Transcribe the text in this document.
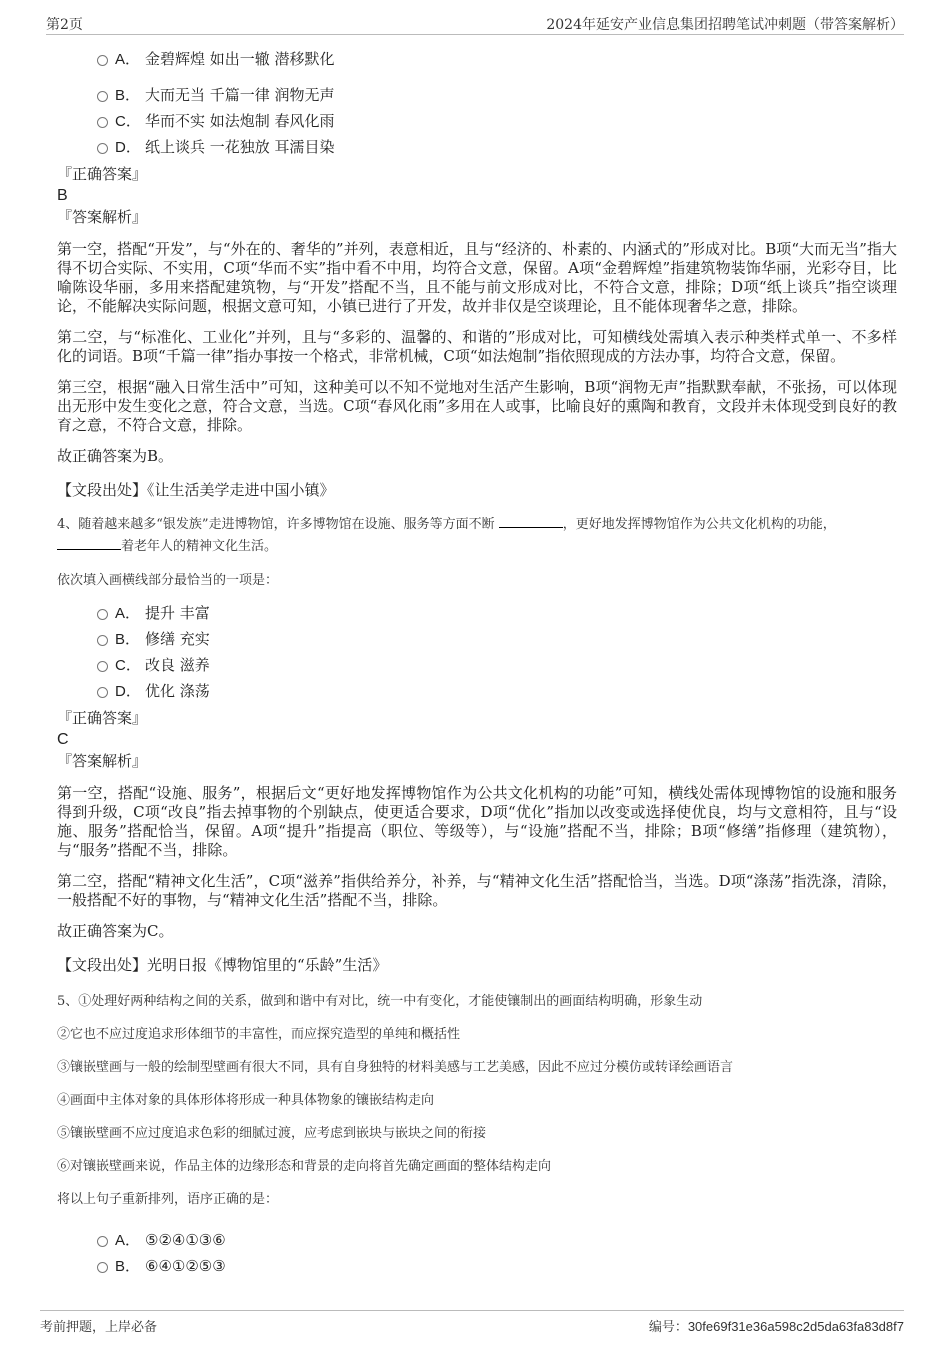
第2页	2024年延安产业信息集团招聘笔试冲刺题（带答案解析）
A． 金碧辉煌 如出一辙 潜移默化
B． 大而无当 千篇一律 润物无声
C． 华而不实 如法炮制 春风化雨
D． 纸上谈兵 一花独放 耳濡目染
『正确答案』
B
『答案解析』

第一空，搭配“开发”，与“外在的、奢华的”并列，表意相近，且与“经济的、朴素的、内涵式的”形成对比。B项“大而无当”指大得不切合实际、不实用，C项“华而不实”指中看不中用，均符合文意，保留。A项“金碧辉煌”指建筑物装饰华丽，光彩夺目，比喻陈设华丽，多用来搭配建筑物，与“开发”搭配不当，且不能与前文形成对比，不符合文意，排除；D项“纸上谈兵”指空谈理论，不能解决实际问题，根据文意可知，小镇已进行了开发，故并非仅是空谈理论，且不能体现奢华之意，排除。

第二空，与“标准化、工业化”并列，且与“多彩的、温馨的、和谐的”形成对比，可知横线处需填入表示种类样式单一、不多样化的词语。B项“千篇一律”指办事按一个格式，非常机械，C项“如法炮制”指依照现成的方法办事，均符合文意，保留。

第三空，根据“融入日常生活中”可知，这种美可以不知不觉地对生活产生影响，B项“润物无声”指默默奉献，不张扬，可以体现出无形中发生变化之意，符合文意，当选。C项“春风化雨”多用在人或事，比喻良好的熏陶和教育，文段并未体现受到良好的教育之意，不符合文意，排除。

故正确答案为B。

【文段出处】《让生活美学走进中国小镇》

4、随着越来越多“银发族”走进博物馆，许多博物馆在设施、服务等方面不断	，更好地发挥博物馆作为公共文化机构的功能，
着老年人的精神文化生活。

依次填入画横线部分最恰当的一项是：

A． 提升 丰富
B． 修缮 充实
C． 改良 滋养
D． 优化 涤荡
『正确答案』
C
『答案解析』

第一空，搭配“设施、服务”，根据后文“更好地发挥博物馆作为公共文化机构的功能”可知，横线处需体现博物馆的设施和服务得到升级，C项“改良”指去掉事物的个别缺点，使更适合要求，D项“优化”指加以改变或选择使优良，均与文意相符，且与“设施、服务”搭配恰当，保留。A项“提升”指提高（职位、等级等），与“设施”搭配不当，排除；B项“修缮”指修理（建筑物），与“服务”搭配不当，排除。

第二空，搭配“精神文化生活”，C项“滋养”指供给养分，补养，与“精神文化生活”搭配恰当，当选。D项“涤荡”指洗涤，清除，一般搭配不好的事物，与“精神文化生活”搭配不当，排除。

故正确答案为C。

【文段出处】光明日报《博物馆里的“乐龄”生活》

5、①处理好两种结构之间的关系，做到和谐中有对比，统一中有变化，才能使镶制出的画面结构明确，形象生动

②它也不应过度追求形体细节的丰富性，而应探究造型的单纯和概括性

③镶嵌壁画与一般的绘制型壁画有很大不同，具有自身独特的材料美感与工艺美感，因此不应过分模仿或转译绘画语言

④画面中主体对象的具体形体将形成一种具体物象的镶嵌结构走向

⑤镶嵌壁画不应过度追求色彩的细腻过渡，应考虑到嵌块与嵌块之间的衔接

⑥对镶嵌壁画来说，作品主体的边缘形态和背景的走向将首先确定画面的整体结构走向

将以上句子重新排列，语序正确的是：

A． ⑤②④①③⑥
B． ⑥④①②⑤③
考前押题，上岸必备	编号：30fe69f31e36a598c2d5da63fa83d8f7
